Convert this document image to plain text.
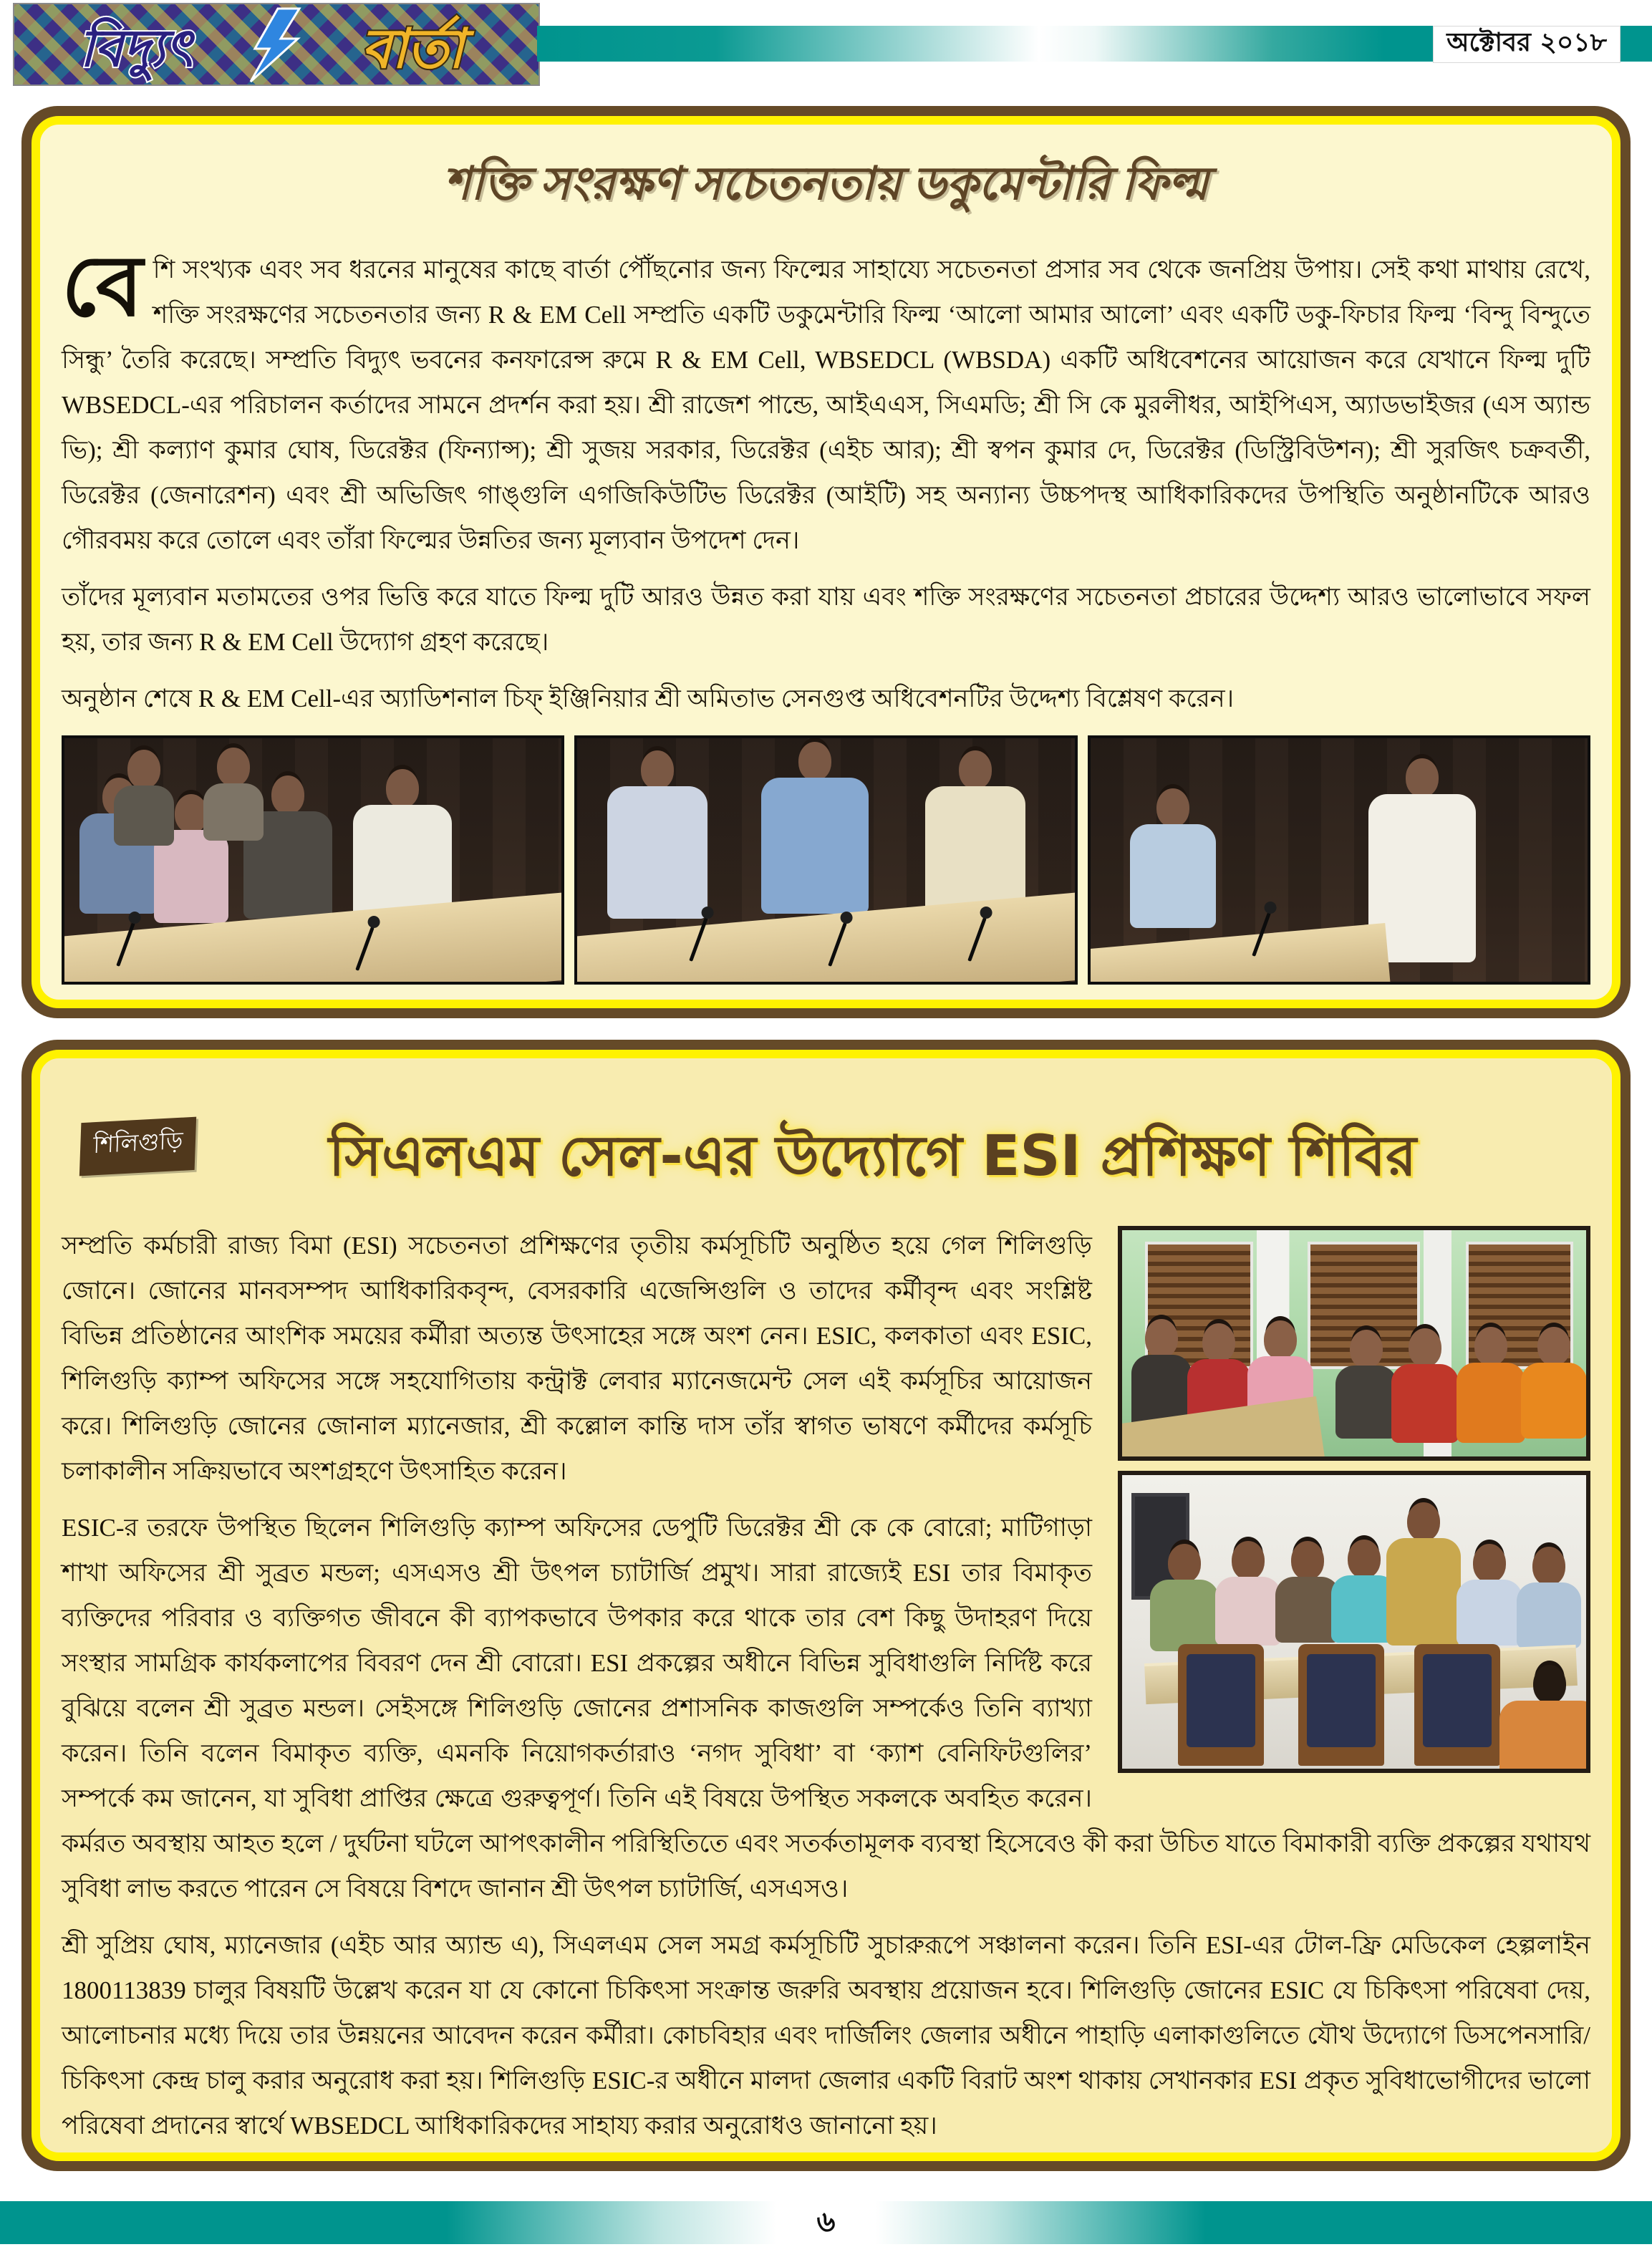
বিদ্যুৎ	বার্তা	অক্টোবর ২০১৮
শক্তি সংরক্ষণ সচেতনতায় ডকুমেন্টারি ফিল্ম

বেশি সংখ্যক এবং সব ধরনের মানুষের কাছে বার্তা পৌঁছনোর জন্য ফিল্মের সাহায্যে সচেতনতা প্রসার সব থেকে জনপ্রিয় উপায়। সেই কথা মাথায় রেখে, শক্তি সংরক্ষণের সচেতনতার জন্য R & EM Cell সম্প্রতি একটি ডকুমেন্টারি ফিল্ম ‘আলো আমার আলো’ এবং একটি ডকু-ফিচার ফিল্ম ‘বিন্দু বিন্দুতে সিন্ধু’ তৈরি করেছে। সম্প্রতি বিদ্যুৎ ভবনের কনফারেন্স রুমে R & EM Cell, WBSEDCL (WBSDA) একটি অধিবেশনের আয়োজন করে যেখানে ফিল্ম দুটি WBSEDCL-এর পরিচালন কর্তাদের সামনে প্রদর্শন করা হয়। শ্রী রাজেশ পান্ডে, আইএএস, সিএমডি; শ্রী সি কে মুরলীধর, আইপিএস, অ্যাডভাইজর (এস অ্যান্ড ভি); শ্রী কল্যাণ কুমার ঘোষ, ডিরেক্টর (ফিন্যান্স); শ্রী সুজয় সরকার, ডিরেক্টর (এইচ আর); শ্রী স্বপন কুমার দে, ডিরেক্টর (ডিস্ট্রিবিউশন); শ্রী সুরজিৎ চক্রবর্তী, ডিরেক্টর (জেনারেশন) এবং শ্রী অভিজিৎ গাঙ্গুলি এগজিকিউটিভ ডিরেক্টর (আইটি) সহ অন্যান্য উচ্চপদস্থ আধিকারিকদের উপস্থিতি অনুষ্ঠানটিকে আরও গৌরবময় করে তোলে এবং তাঁরা ফিল্মের উন্নতির জন্য মূল্যবান উপদেশ দেন।

তাঁদের মূল্যবান মতামতের ওপর ভিত্তি করে যাতে ফিল্ম দুটি আরও উন্নত করা যায় এবং শক্তি সংরক্ষণের সচেতনতা প্রচারের উদ্দেশ্য আরও ভালোভাবে সফল হয়, তার জন্য R & EM Cell উদ্যোগ গ্রহণ করেছে।

অনুষ্ঠান শেষে R & EM Cell-এর অ্যাডিশনাল চিফ্ ইঞ্জিনিয়ার শ্রী অমিতাভ সেনগুপ্ত অধিবেশনটির উদ্দেশ্য বিশ্লেষণ করেন।

শিলিগুড়ি	সিএলএম সেল-এর উদ্যোগে ESI প্রশিক্ষণ শিবির

সম্প্রতি কর্মচারী রাজ্য বিমা (ESI) সচেতনতা প্রশিক্ষণের তৃতীয় কর্মসূচিটি অনুষ্ঠিত হয়ে গেল শিলিগুড়ি জোনে। জোনের মানবসম্পদ আধিকারিকবৃন্দ, বেসরকারি এজেন্সিগুলি ও তাদের কর্মীবৃন্দ এবং সংশ্লিষ্ট বিভিন্ন প্রতিষ্ঠানের আংশিক সময়ের কর্মীরা অত্যন্ত উৎসাহের সঙ্গে অংশ নেন। ESIC, কলকাতা এবং ESIC, শিলিগুড়ি ক্যাম্প অফিসের সঙ্গে সহযোগিতায় কন্ট্রাক্ট লেবার ম্যানেজমেন্ট সেল এই কর্মসূচির আয়োজন করে। শিলিগুড়ি জোনের জোনাল ম্যানেজার, শ্রী কল্লোল কান্তি দাস তাঁর স্বাগত ভাষণে কর্মীদের কর্মসূচি চলাকালীন সক্রিয়ভাবে অংশগ্রহণে উৎসাহিত করেন।

ESIC-র তরফে উপস্থিত ছিলেন শিলিগুড়ি ক্যাম্প অফিসের ডেপুটি ডিরেক্টর শ্রী কে কে বোরো; মাটিগাড়া শাখা অফিসের শ্রী সুব্রত মন্ডল; এসএসও শ্রী উৎপল চ্যাটার্জি প্রমুখ। সারা রাজ্যেই ESI তার বিমাকৃত ব্যক্তিদের পরিবার ও ব্যক্তিগত জীবনে কী ব্যাপকভাবে উপকার করে থাকে তার বেশ কিছু উদাহরণ দিয়ে সংস্থার সামগ্রিক কার্যকলাপের বিবরণ দেন শ্রী বোরো। ESI প্রকল্পের অধীনে বিভিন্ন সুবিধাগুলি নির্দিষ্ট করে বুঝিয়ে বলেন শ্রী সুব্রত মন্ডল। সেইসঙ্গে শিলিগুড়ি জোনের প্রশাসনিক কাজগুলি সম্পর্কেও তিনি ব্যাখ্যা করেন। তিনি বলেন বিমাকৃত ব্যক্তি, এমনকি নিয়োগকর্তারাও ‘নগদ সুবিধা’ বা ‘ক্যাশ বেনিফিটগুলির’ সম্পর্কে কম জানেন, যা সুবিধা প্রাপ্তির ক্ষেত্রে গুরুত্বপূর্ণ। তিনি এই বিষয়ে উপস্থিত সকলকে অবহিত করেন। কর্মরত অবস্থায় আহত হলে / দুর্ঘটনা ঘটলে আপৎকালীন পরিস্থিতিতে এবং সতর্কতামূলক ব্যবস্থা হিসেবেও কী করা উচিত যাতে বিমাকারী ব্যক্তি প্রকল্পের যথাযথ সুবিধা লাভ করতে পারেন সে বিষয়ে বিশদে জানান শ্রী উৎপল চ্যাটার্জি, এসএসও।

শ্রী সুপ্রিয় ঘোষ, ম্যানেজার (এইচ আর অ্যান্ড এ), সিএলএম সেল সমগ্র কর্মসূচিটি সুচারুরূপে সঞ্চালনা করেন। তিনি ESI-এর টোল-ফ্রি মেডিকেল হেল্পলাইন 1800113839 চালুর বিষয়টি উল্লেখ করেন যা যে কোনো চিকিৎসা সংক্রান্ত জরুরি অবস্থায় প্রয়োজন হবে। শিলিগুড়ি জোনের ESIC যে চিকিৎসা পরিষেবা দেয়, আলোচনার মধ্যে দিয়ে তার উন্নয়নের আবেদন করেন কর্মীরা। কোচবিহার এবং দার্জিলিং জেলার অধীনে পাহাড়ি এলাকাগুলিতে যৌথ উদ্যোগে ডিসপেনসারি/চিকিৎসা কেন্দ্র চালু করার অনুরোধ করা হয়। শিলিগুড়ি ESIC-র অধীনে মালদা জেলার একটি বিরাট অংশ থাকায় সেখানকার ESI প্রকৃত সুবিধাভোগীদের ভালো পরিষেবা প্রদানের স্বার্থে WBSEDCL আধিকারিকদের সাহায্য করার অনুরোধও জানানো হয়।

৬
